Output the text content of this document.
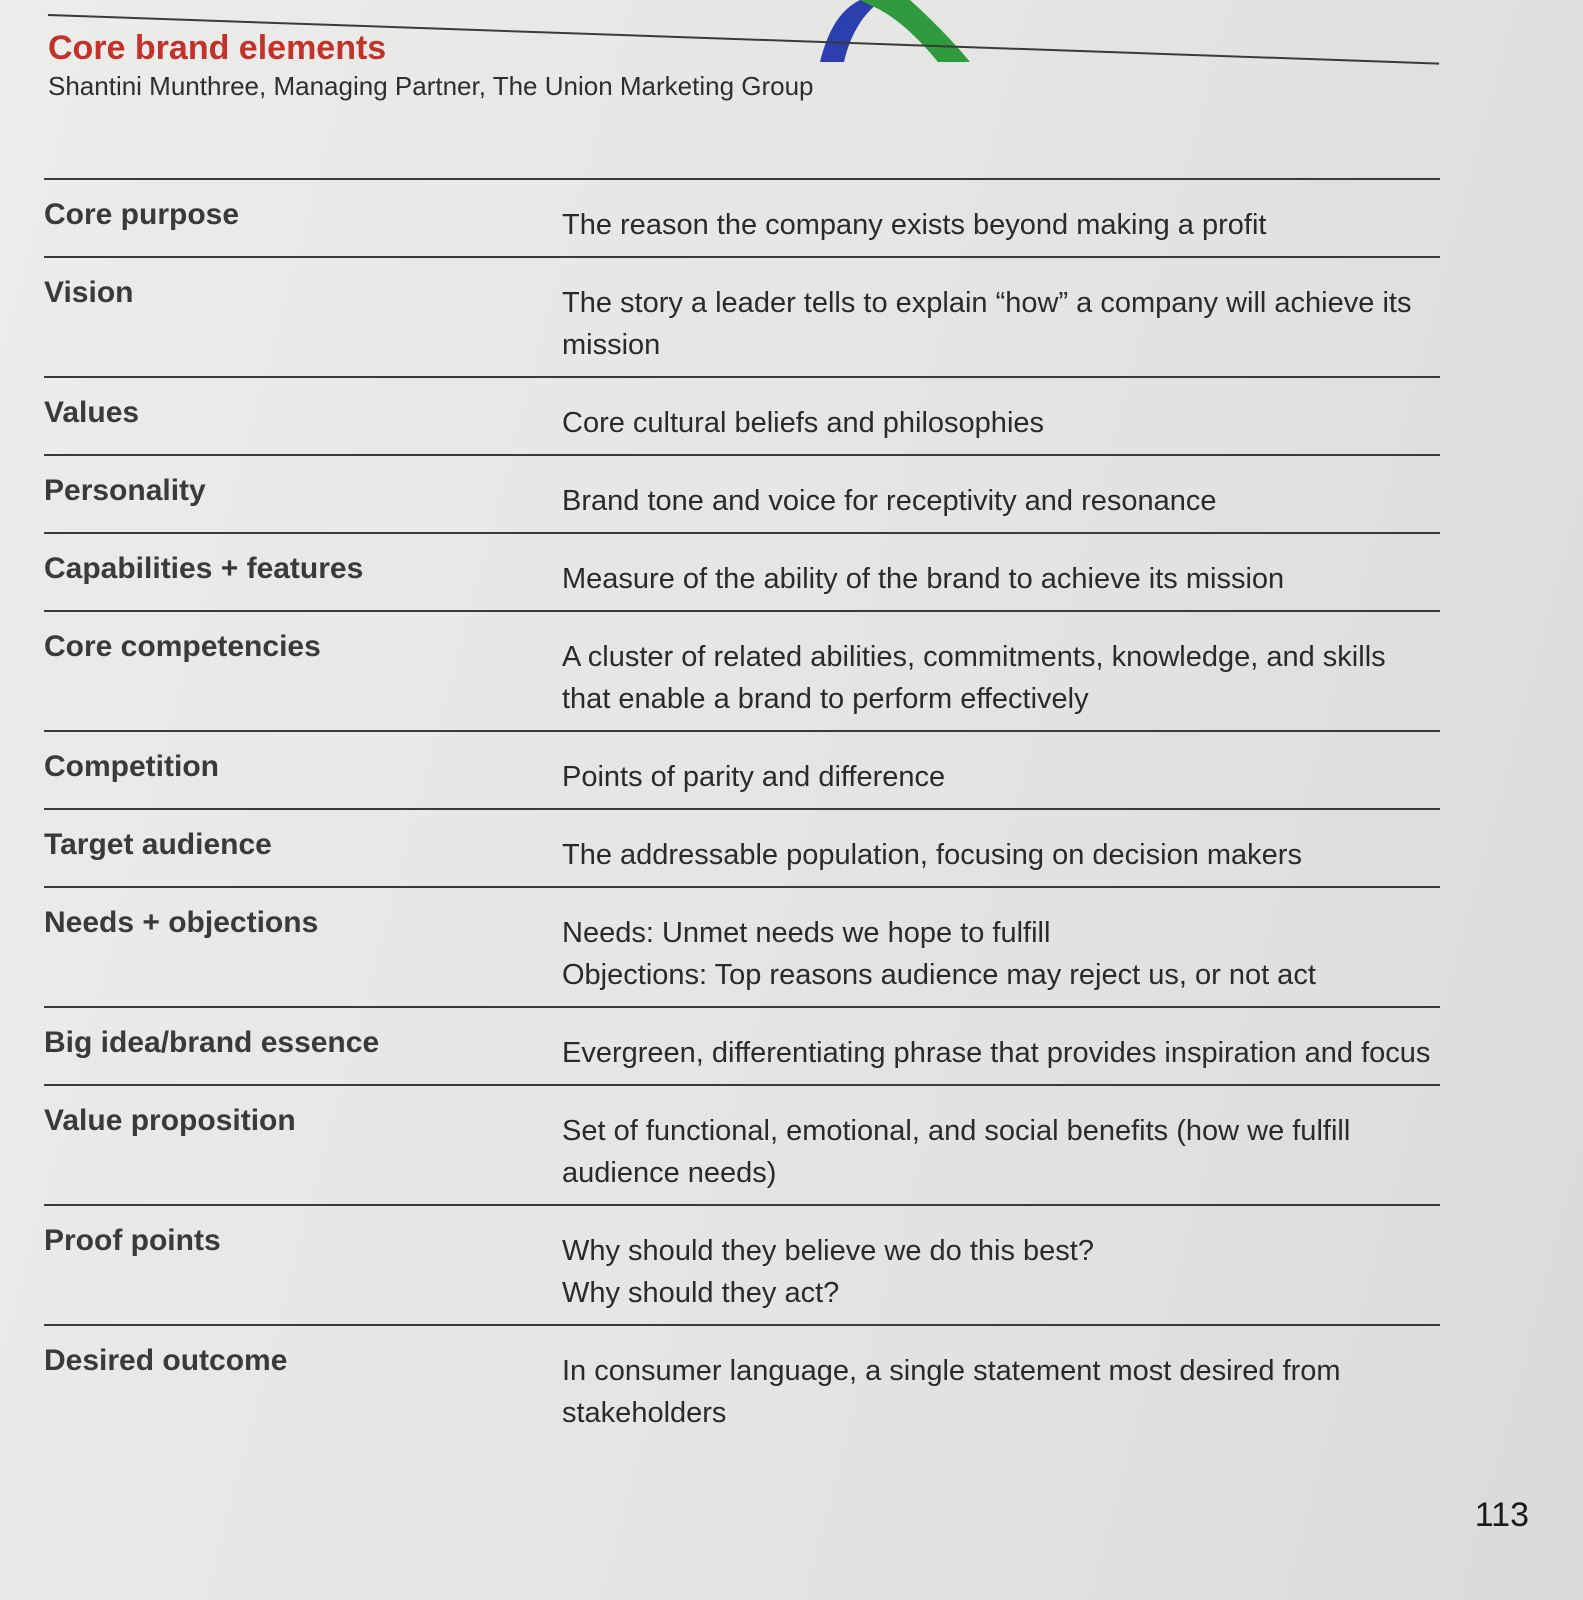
Core brand elements

Shantini Munthree, Managing Partner, The Union Marketing Group

Core purpose	The reason the company exists beyond making a profit
Vision	The story a leader tells to explain “how” a company will achieve its mission
Values	Core cultural beliefs and philosophies
Personality	Brand tone and voice for receptivity and resonance
Capabilities + features	Measure of the ability of the brand to achieve its mission
Core competencies	A cluster of related abilities, commitments, knowledge, and skills that enable a brand to perform effectively
Competition	Points of parity and difference
Target audience	The addressable population, focusing on decision makers
Needs + objections	Needs: Unmet needs we hope to fulfill
Objections: Top reasons audience may reject us, or not act
Big idea/brand essence	Evergreen, differentiating phrase that provides inspiration and focus
Value proposition	Set of functional, emotional, and social benefits (how we fulfill audience needs)
Proof points	Why should they believe we do this best?
Why should they act?
Desired outcome	In consumer language, a single statement most desired from stakeholders
113
